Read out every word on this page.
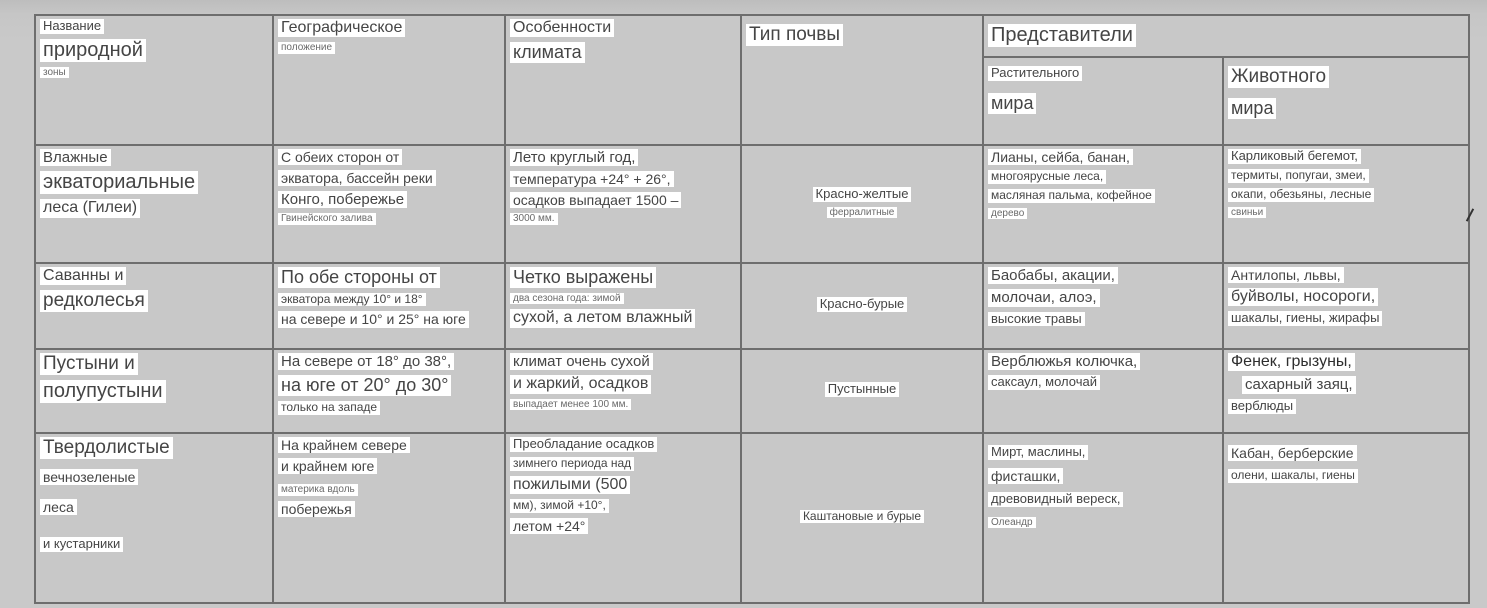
Название
природной
зоны	Географическое
положение	Особенности
климата	Тип почвы	Представители	

				Растительного
мира	Животного
мира

Влажные
экваториальные
леса (Гилеи)	С обеих сторон от
экватора, бассейн реки
Конго, побережье
Гвинейского залива	Лето круглый год,
температура +24° + 26°,
осадков выпадает 1500 –
3000 мм.	Красно-желтые
ферралитные	Лианы, сейба, банан,
многоярусные леса,
масляная пальма, кофейное
дерево	Карликовый бегемот,
термиты, попугаи, змеи,
окапи, обезьяны, лесные
свиньи

Саванны и
редколесья	По обе стороны от
экватора между 10° и 18°
на севере и 10° и 25° на юге	Четко выражены
два сезона года: зимой
сухой, а летом влажный	Красно-бурые	Баобабы, акации,
молочаи, алоэ,
высокие травы	Антилопы, львы,
буйволы, носороги,
шакалы, гиены, жирафы

Пустыни и
полупустыни	На севере от 18° до 38°,
на юге от 20° до 30°
только на западе	климат очень сухой
и жаркий, осадков
выпадает менее 100 мм.	Пустынные	Верблюжья колючка,
саксаул, молочай	Фенек, грызуны,
сахарный заяц,
верблюды

Твердолистые
вечнозеленые
леса
и кустарники	На крайнем севере
и крайнем юге
материка вдоль
побережья	Преобладание осадков
зимнего периода над
пожилыми (500
мм), зимой +10°,
летом +24°	Каштановые и бурые	Мирт, маслины,
фисташки,
древовидный вереск,
Олеандр	Кабан, берберские
олени, шакалы, гиены
